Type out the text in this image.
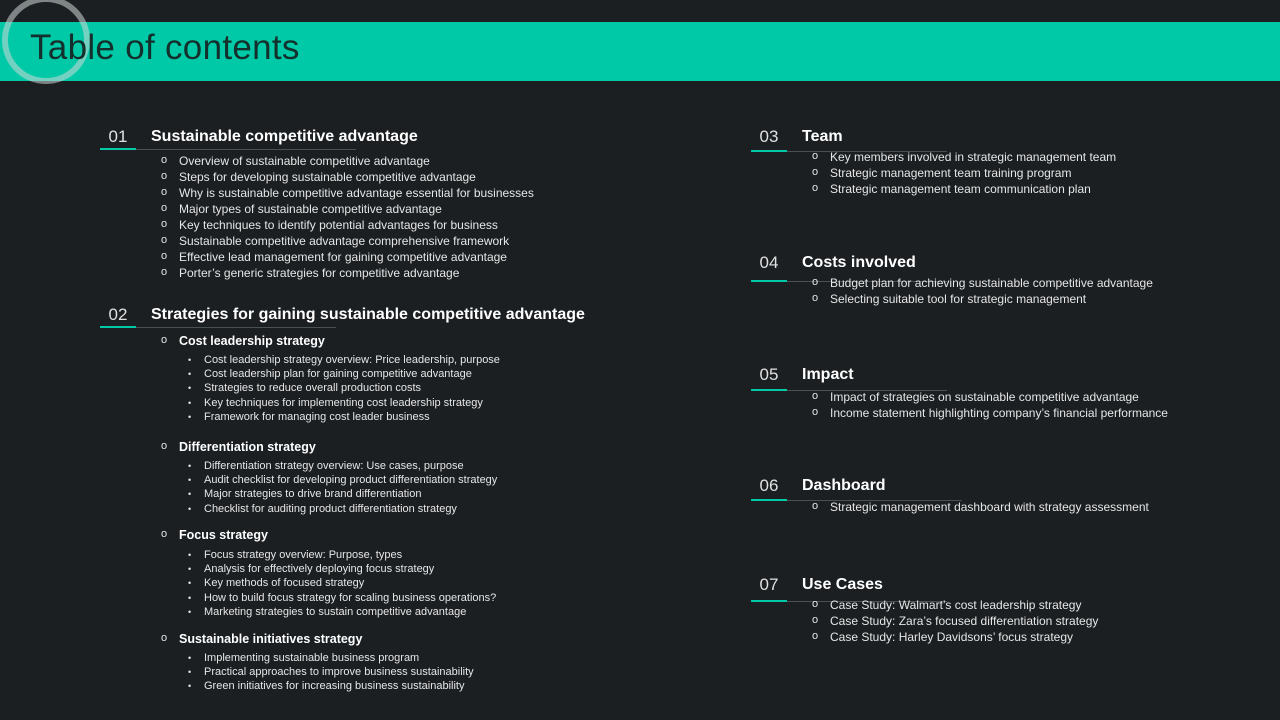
Table of contents
01	Sustainable competitive advantage
o Overview of sustainable competitive advantage
o Steps for developing sustainable competitive advantage
o Why is sustainable competitive advantage essential for businesses
o Major types of sustainable competitive advantage
o Key techniques to identify potential advantages for business
o Sustainable competitive advantage comprehensive framework
o Effective lead management for gaining competitive advantage
o Porter’s generic strategies for competitive advantage
02	Strategies for gaining sustainable competitive advantage
o Cost leadership strategy
• Cost leadership strategy overview: Price leadership, purpose
• Cost leadership plan for gaining competitive advantage
• Strategies to reduce overall production costs
• Key techniques for implementing cost leadership strategy
• Framework for managing cost leader business
o Differentiation strategy
• Differentiation strategy overview: Use cases, purpose
• Audit checklist for developing product differentiation strategy
• Major strategies to drive brand differentiation
• Checklist for auditing product differentiation strategy
o Focus strategy
• Focus strategy overview: Purpose, types
• Analysis for effectively deploying focus strategy
• Key methods of focused strategy
• How to build focus strategy for scaling business operations?
• Marketing strategies to sustain competitive advantage
o Sustainable initiatives strategy
• Implementing sustainable business program
• Practical approaches to improve business sustainability
• Green initiatives for increasing business sustainability
03	Team
o Key members involved in strategic management team
o Strategic management team training program
o Strategic management team communication plan
04	Costs involved
o Budget plan for achieving sustainable competitive advantage
o Selecting suitable tool for strategic management
05	Impact
o Impact of strategies on sustainable competitive advantage
o Income statement highlighting company’s financial performance
06	Dashboard
o Strategic management dashboard with strategy assessment
07	Use Cases
o Case Study: Walmart’s cost leadership strategy
o Case Study: Zara’s focused differentiation strategy
o Case Study: Harley Davidsons’ focus strategy
